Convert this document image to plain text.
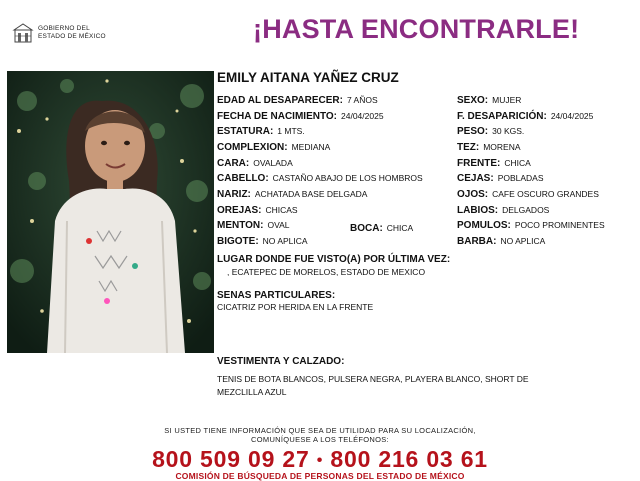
GOBIERNO DEL
ESTADO DE MÉXICO	¡HASTA ENCONTRARLE!
EMILY AITANA YAÑEZ CRUZ
EDAD AL DESAPARECER: 7 AÑOS
FECHA DE NACIMIENTO: 24/04/2025
ESTATURA: 1 MTS.
COMPLEXION: MEDIANA
CARA: OVALADA
CABELLO: CASTAÑO ABAJO DE LOS HOMBROS
NARIZ: ACHATADA BASE DELGADA
OREJAS: CHICAS
MENTON: OVAL
BIGOTE: NO APLICA
BOCA: CHICA
SEXO: MUJER
F. DESAPARICIÓN: 24/04/2025
PESO: 30 KGS.
TEZ: MORENA
FRENTE: CHICA
CEJAS: POBLADAS
OJOS: CAFE OSCURO GRANDES
LABIOS: DELGADOS
POMULOS: POCO PROMINENTES
BARBA: NO APLICA
LUGAR DONDE FUE VISTO(A) POR ÚLTIMA VEZ:
, ECATEPEC DE MORELOS, ESTADO DE MEXICO
SENAS PARTICULARES:
CICATRIZ POR HERIDA EN LA FRENTE
VESTIMENTA Y CALZADO:
TENIS DE BOTA BLANCOS, PULSERA NEGRA, PLAYERA BLANCO, SHORT DE
MEZCLILLA AZUL
SI USTED TIENE INFORMACIÓN QUE SEA DE UTILIDAD PARA SU LOCALIZACIÓN,
COMUNÍQUESE A LOS TELÉFONOS:
800 509 09 27 • 800 216 03 61
COMISIÓN DE BÚSQUEDA DE PERSONAS DEL ESTADO DE MÉXICO
